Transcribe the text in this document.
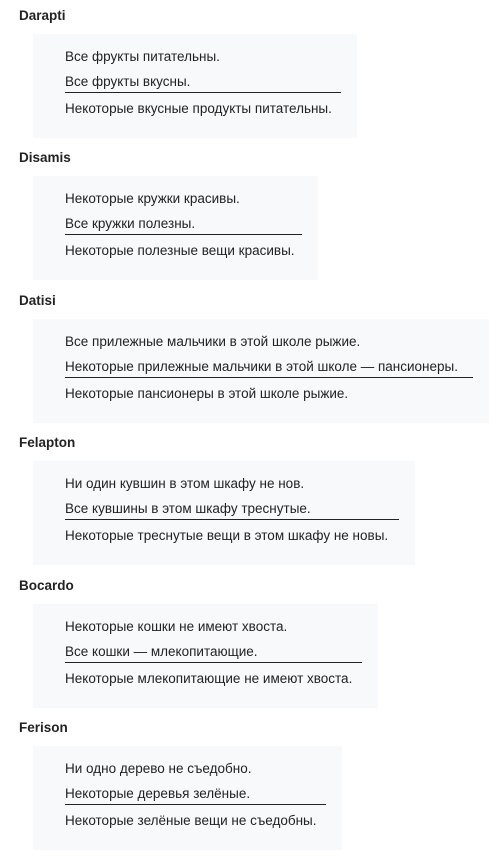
Darapti
Все фрукты питательны.
Все фрукты вкусны.
Некоторые вкусные продукты питательны.
Disamis
Некоторые кружки красивы.
Все кружки полезны.
Некоторые полезные вещи красивы.
Datisi
Все прилежные мальчики в этой школе рыжие.
Некоторые прилежные мальчики в этой школе — пансионеры.
Некоторые пансионеры в этой школе рыжие.
Felapton
Ни один кувшин в этом шкафу не нов.
Все кувшины в этом шкафу треснутые.
Некоторые треснутые вещи в этом шкафу не новы.
Bocardo
Некоторые кошки не имеют хвоста.
Все кошки — млекопитающие.
Некоторые млекопитающие не имеют хвоста.
Ferison
Ни одно дерево не съедобно.
Некоторые деревья зелёные.
Некоторые зелёные вещи не съедобны.
